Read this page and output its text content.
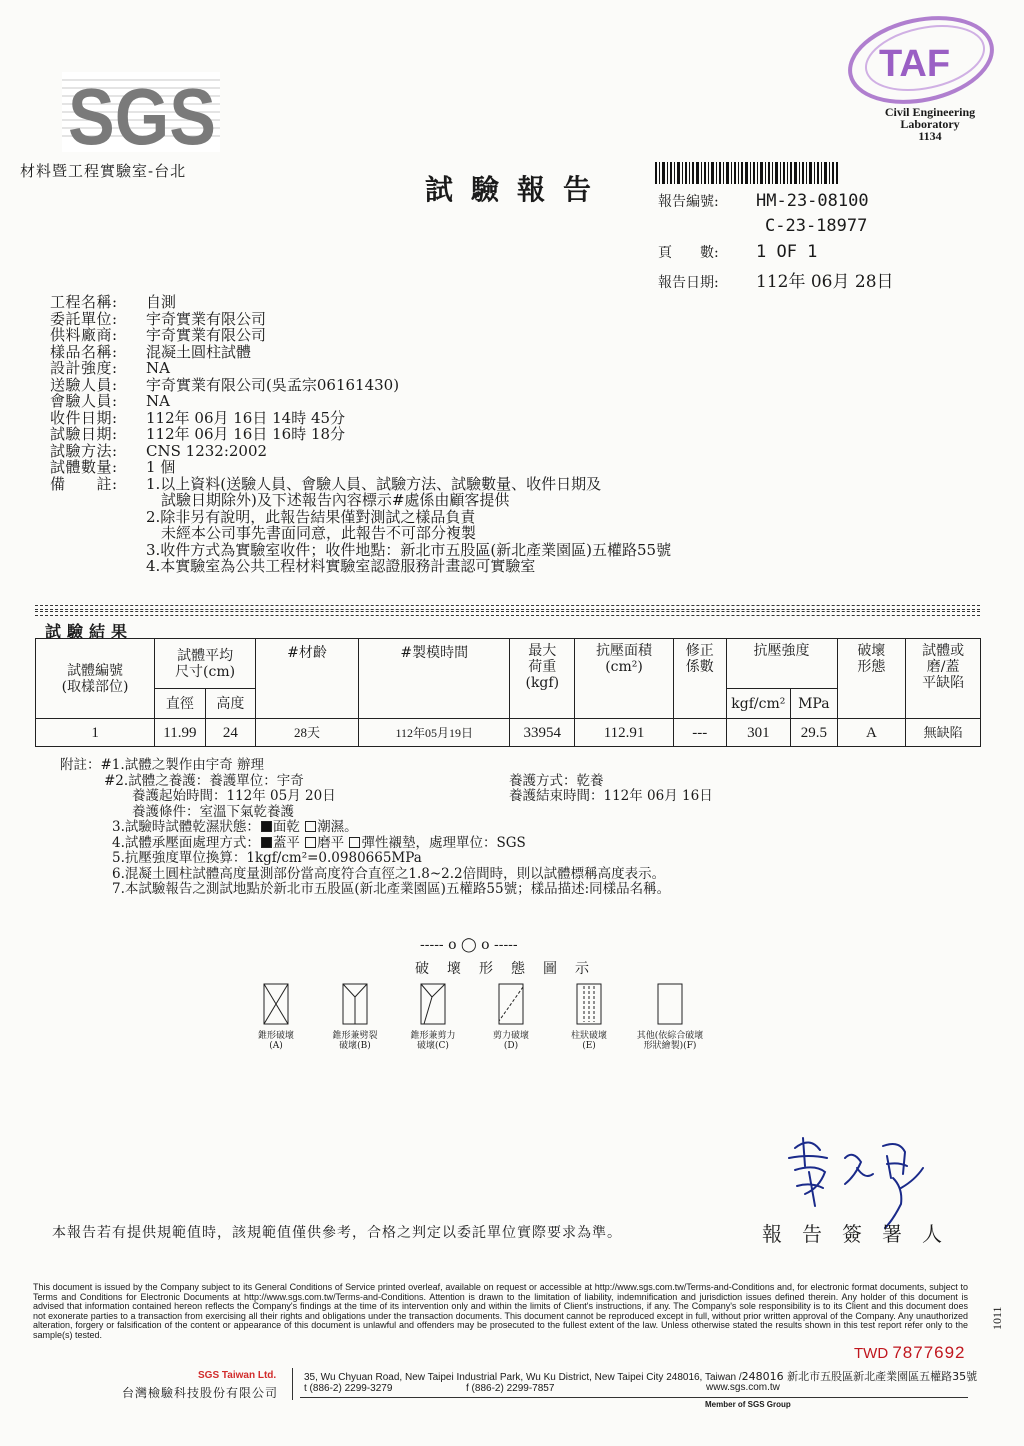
SGS
材料暨工程實驗室-台北
TAF
Civil Engineering
Laboratory
1134
試驗報告	報告編號: HM-23-08100
C-23-18977
頁　　數: 1 OF 1
報告日期: 112年 06月 28日
工程名稱:	自測
委託單位:	宇奇實業有限公司
供料廠商:	宇奇實業有限公司
樣品名稱:	混凝土圓柱試體
設計強度:	NA
送驗人員:	宇奇實業有限公司(吳孟宗06161430)
會驗人員:	NA
收件日期:	112年 06月 16日 14時 45分
試驗日期:	112年 06月 16日 16時 18分
試驗方法:	CNS 1232:2002
試體數量:	1 個
備　　註:	1.以上資料(送驗人員、會驗人員、試驗方法、試驗數量、收件日期及
　試驗日期除外)及下述報告內容標示#處係由顧客提供
2.除非另有說明，此報告結果僅對測試之樣品負責
　未經本公司事先書面同意，此報告不可部分複製
3.收件方式為實驗室收件；收件地點：新北市五股區(新北產業園區)五權路55號
4.本實驗室為公共工程材料實驗室認證服務計畫認可實驗室
試驗結果
試體編號
(取樣部位)	試體平均
尺寸(cm)		#材齡	#製模時間	最大
荷重
(kgf)	抗壓面積
(cm²)	修正
係數	抗壓強度		破壞
形態	試體或
磨/蓋
平缺陷
	直徑	高度						kgf/cm²	MPa		
1	11.99	24	28天	112年05月19日	33954	112.91	---	301	29.5	A	無缺陷
附註：#1.試體之製作由宇奇 辦理
#2.試體之養護：養護單位：宇奇	養護方式：乾養
養護起始時間：112年 05月 20日	養護結束時間：112年 06月 16日
養護條件：室溫下氣乾養護
3.試驗時試體乾濕狀態： 面乾 潮濕。
4.試體承壓面處理方式： 蓋平 磨平 彈性襯墊，處理單位：SGS
5.抗壓強度單位換算：1kgf/cm²=0.0980665MPa
6.混凝土圓柱試體高度量測部份當高度符合直徑之1.8~2.2倍間時，則以試體標稱高度表示。
7.本試驗報告之測試地點於新北市五股區(新北產業園區)五權路55號；樣品描述:同樣品名稱。
----- o ◯ o -----
破壞形態圖示
錐形破壞
(A)
錐形兼劈裂
破壞(B)
錐形兼剪力
破壞(C)
剪力破壞
(D)
柱狀破壞
(E)
其他(依綜合破壞
形狀繪製)(F)
本報告若有提供規範值時，該規範值僅供參考，合格之判定以委託單位實際要求為準。	報告簽署人
This document is issued by the Company subject to its General Conditions of Service printed overleaf, available on request or accessible at http://www.sgs.com.tw/Terms-and-Conditions and, for electronic format documents, subject to Terms and Conditions for Electronic Documents at http://www.sgs.com.tw/Terms-and-Conditions. Attention is drawn to the limitation of liability, indemnification and jurisdiction issues defined therein. Any holder of this document is advised that information contained hereon reflects the Company's findings at the time of its intervention only and within the limits of Client's instructions, if any. The Company's sole responsibility is to its Client and this document does not exonerate parties to a transaction from exercising all their rights and obligations under the transaction documents. This document cannot be reproduced except in full, without prior written approval of the Company. Any unauthorized alteration, forgery or falsification of the content or appearance of this document is unlawful and offenders may be prosecuted to the fullest extent of the law. Unless otherwise stated the results shown in this test report refer only to the sample(s) tested.
TWD 7877692
SGS Taiwan Ltd.
台灣檢驗科技股份有限公司
35, Wu Chyuan Road, New Taipei Industrial Park, Wu Ku District, New Taipei City 248016, Taiwan /248016 新北市五股區新北產業園區五權路35號
t (886-2) 2299-3279	f (886-2) 2299-7857	www.sgs.com.tw
Member of SGS Group
1011
